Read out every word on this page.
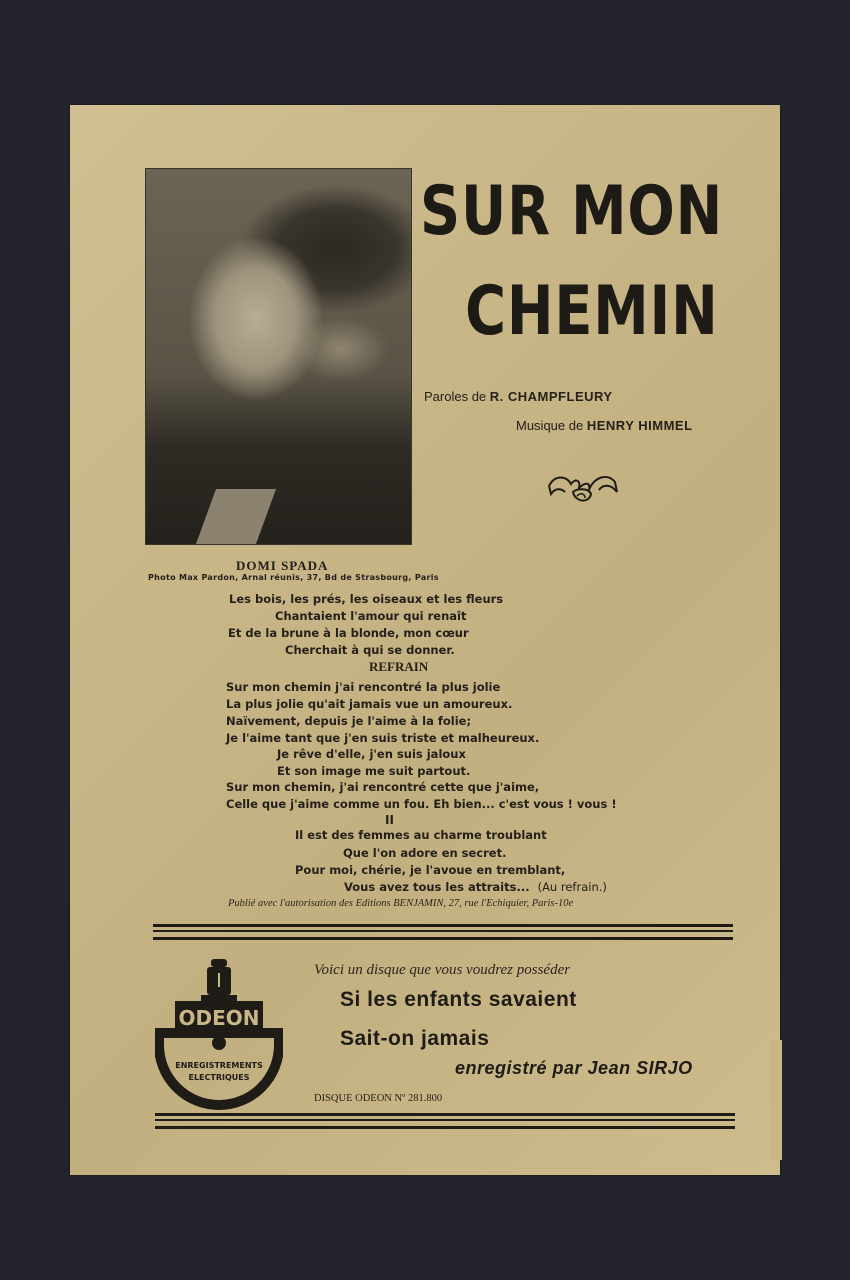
SUR MON
CHEMIN
Paroles de R. CHAMPFLEURY
Musique de HENRY HIMMEL
DOMI SPADA
Photo Max Pardon, Arnal réunis, 37, Bd de Strasbourg, Paris
Les bois, les prés, les oiseaux et les fleurs
Chantaient l'amour qui renaît
Et de la brune à la blonde, mon cœur
Cherchait à qui se donner.
REFRAIN
Sur mon chemin j'ai rencontré la plus jolie
La plus jolie qu'ait jamais vue un amoureux.
Naïvement, depuis je l'aime à la folie;
Je l'aime tant que j'en suis triste et malheureux.
Je rêve d'elle, j'en suis jaloux
Et son image me suit partout.
Sur mon chemin, j'ai rencontré cette que j'aime,
Celle que j'aime comme un fou. Eh bien... c'est vous ! vous !
II
Il est des femmes au charme troublant
Que l'on adore en secret.
Pour moi, chérie, je l'avoue en tremblant,
Vous avez tous les attraits... (Au refrain.)
Publié avec l'autorisation des Editions BENJAMIN, 27, rue l'Echiquier, Paris-10e
ODEON
ENREGISTREMENTS
ELECTRIQUES
Voici un disque que vous voudrez posséder
Si les enfants savaient
Sait-on jamais
enregistré par Jean SIRJO
DISQUE ODEON Nº 281.800
